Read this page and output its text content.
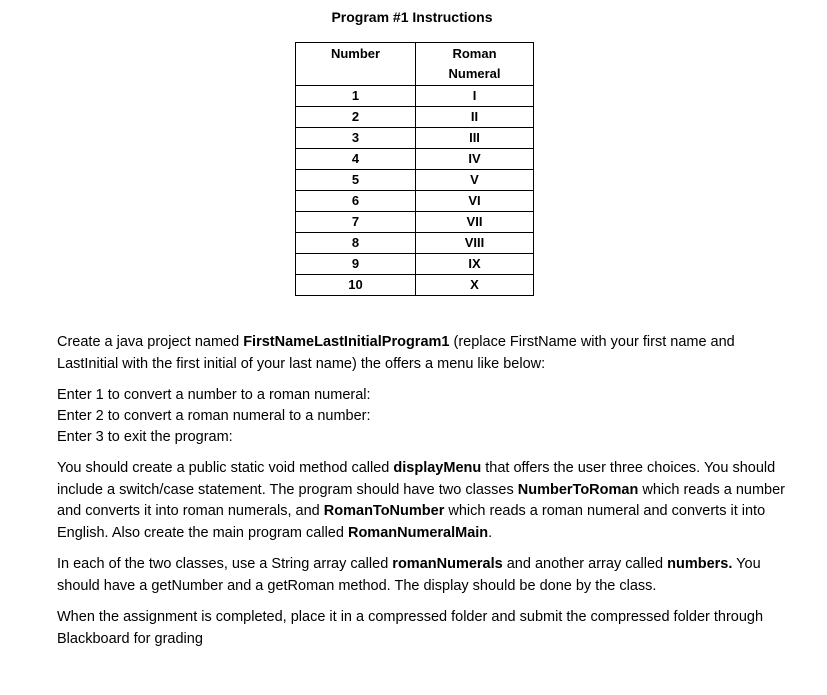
Program #1 Instructions
Number	Roman
Numeral

1	I
2	II
3	III
4	IV
5	V
6	VI
7	VII
8	VIII
9	IX
10	X

Create a java project named FirstNameLastInitialProgram1 (replace FirstName with your first name and LastInitial with the first initial of your last name) the offers a menu like below:

Enter 1 to convert a number to a roman numeral:
Enter 2 to convert a roman numeral to a number:
Enter 3 to exit the program:

You should create a public static void method called displayMenu that offers the user three choices. You should include a switch/case statement. The program should have two classes NumberToRoman which reads a number and converts it into roman numerals, and RomanToNumber which reads a roman numeral and converts it into English. Also create the main program called RomanNumeralMain.

In each of the two classes, use a String array called romanNumerals and another array called numbers. You should have a getNumber and a getRoman method. The display should be done by the class.

When the assignment is completed, place it in a compressed folder and submit the compressed folder through Blackboard for grading
